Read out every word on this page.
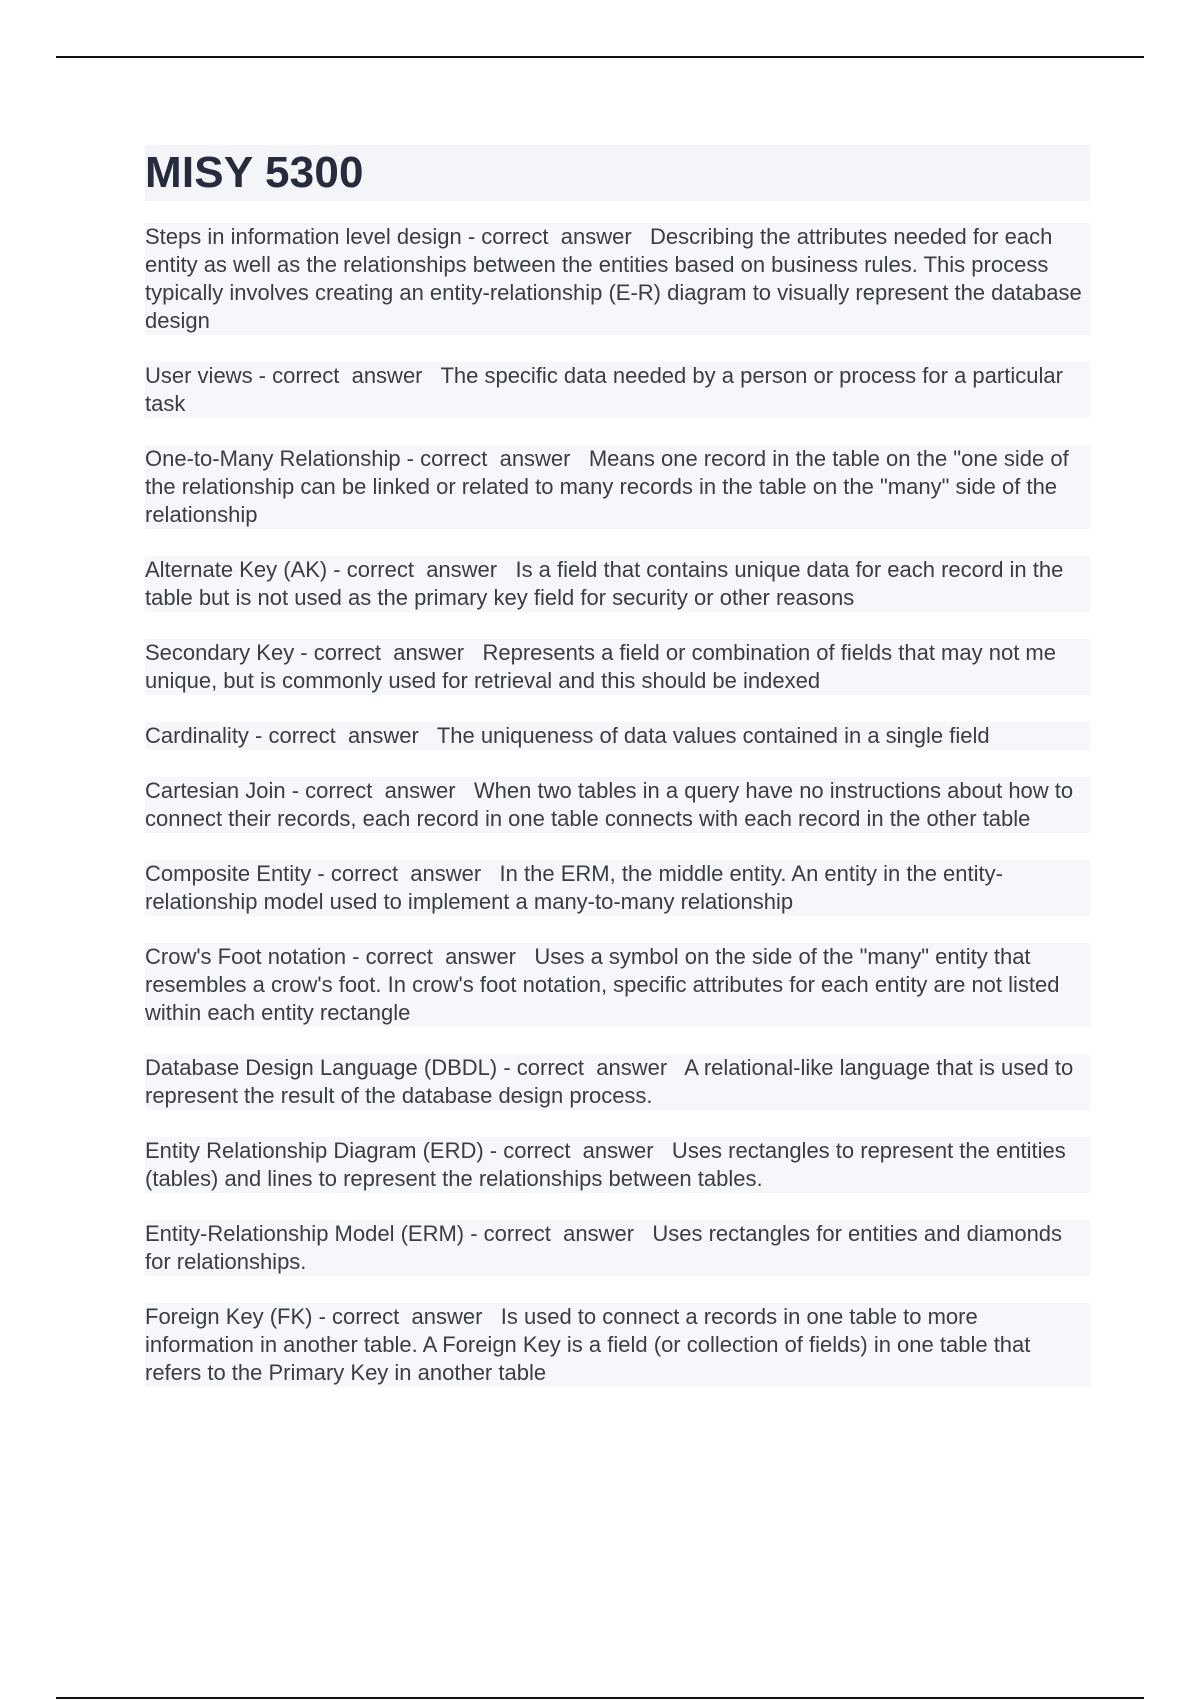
MISY 5300
Steps in information level design - correct  answer   Describing the attributes needed for each entity as well as the relationships between the entities based on business rules. This process typically involves creating an entity-relationship (E-R) diagram to visually represent the database design
User views - correct  answer   The specific data needed by a person or process for a particular task
One-to-Many Relationship - correct  answer   Means one record in the table on the "one side of the relationship can be linked or related to many records in the table on the "many" side of the relationship
Alternate Key (AK) - correct  answer   Is a field that contains unique data for each record in the table but is not used as the primary key field for security or other reasons
Secondary Key - correct  answer   Represents a field or combination of fields that may not me unique, but is commonly used for retrieval and this should be indexed
Cardinality - correct  answer   The uniqueness of data values contained in a single field
Cartesian Join - correct  answer   When two tables in a query have no instructions about how to connect their records, each record in one table connects with each record in the other table
Composite Entity - correct  answer   In the ERM, the middle entity. An entity in the entity-relationship model used to implement a many-to-many relationship
Crow's Foot notation - correct  answer   Uses a symbol on the side of the "many" entity that resembles a crow's foot. In crow's foot notation, specific attributes for each entity are not listed within each entity rectangle
Database Design Language (DBDL) - correct  answer   A relational-like language that is used to represent the result of the database design process.
Entity Relationship Diagram (ERD) - correct  answer   Uses rectangles to represent the entities (tables) and lines to represent the relationships between tables.
Entity-Relationship Model (ERM) - correct  answer   Uses rectangles for entities and diamonds for relationships.
Foreign Key (FK) - correct  answer   Is used to connect a records in one table to more information in another table. A Foreign Key is a field (or collection of fields) in one table that refers to the Primary Key in another table
